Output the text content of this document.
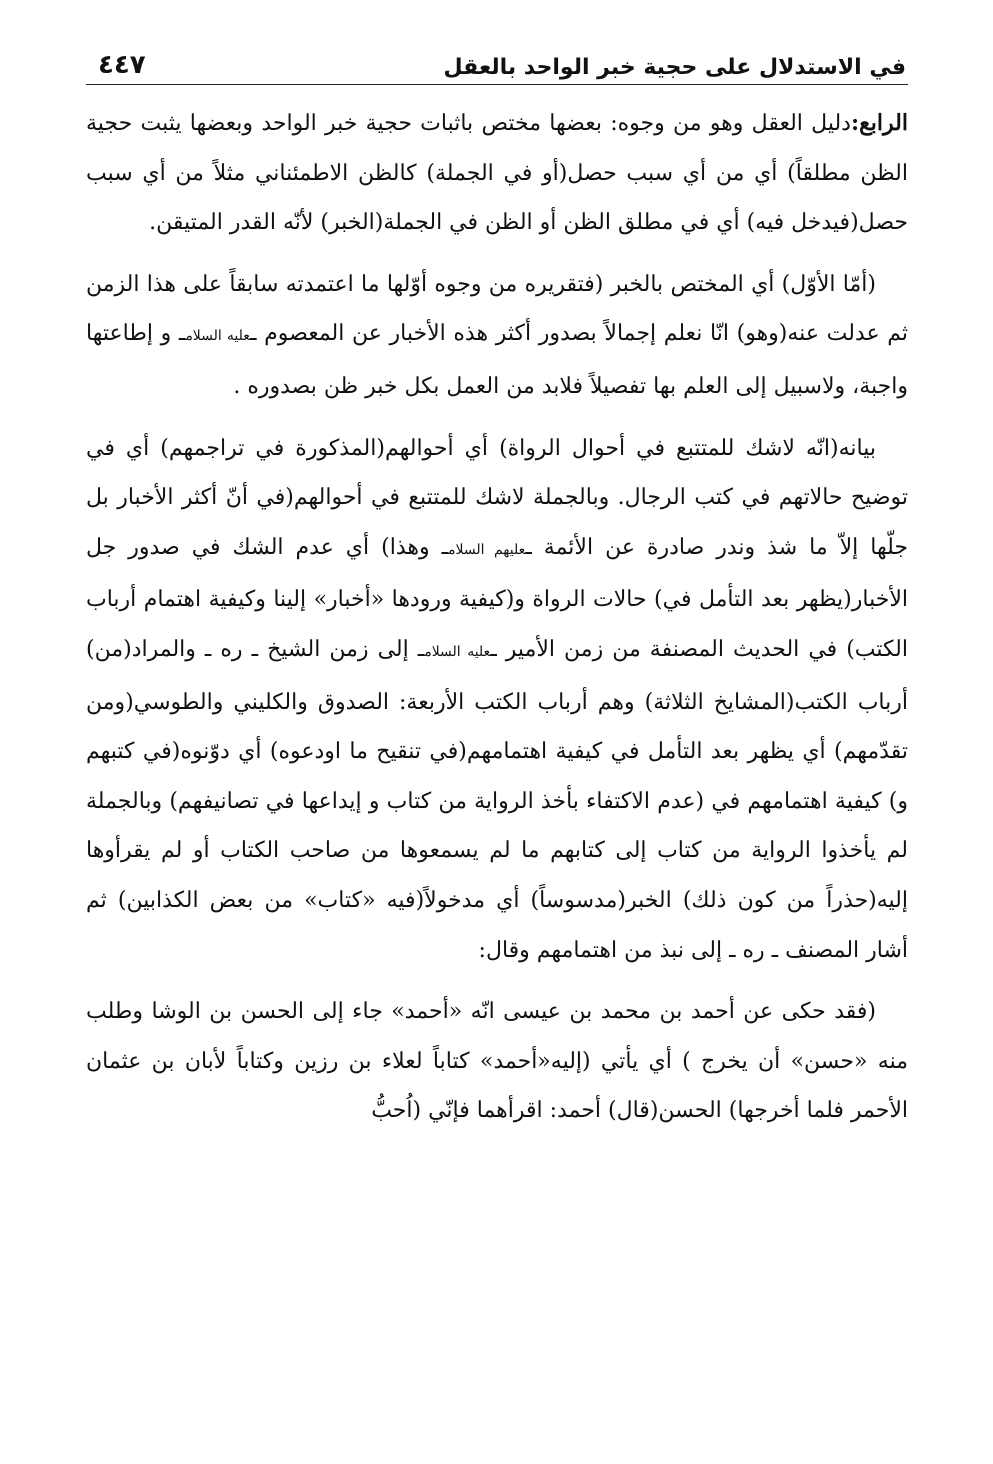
في الاستدلال على حجية خبر الواحد بالعقل
٤٤٧

الرابع:دليل العقل وهو من وجوه: بعضها مختص باثبات حجية خبر الواحد وبعضها يثبت حجية الظن مطلقاً) أي من أي سبب حصل(أو في الجملة) كالظن الاطمئناني مثلاً من أي سبب حصل(فيدخل فيه) أي في مطلق الظن أو الظن في الجملة(الخبر) لأنّه القدر المتيقن.

(أمّا الأوّل) أي المختص بالخبر (فتقريره من وجوه أوّلها ما اعتمدته سابقاً على هذا الزمن ثم عدلت عنه(وهو) انّا نعلم إجمالاً بصدور أكثر هذه الأخبار عن المعصوم ـعليه السلامـ و إطاعتها واجبة، ولاسبيل إلى العلم بها تفصيلاً فلابد من العمل بكل خبر ظن بصدوره .

بيانه(انّه لاشك للمتتبع في أحوال الرواة) أي أحوالهم(المذكورة في تراجمهم) أي في توضيح حالاتهم في كتب الرجال. وبالجملة لاشك للمتتبع في أحوالهم(في أنّ أكثر الأخبار بل جلّها إلاّ ما شذ وندر صادرة عن الأئمة ـعليهم السلامـ وهذا) أي عدم الشك في صدور جل الأخبار(يظهر بعد التأمل في) حالات الرواة و(كيفية ورودها «أخبار» إلينا وكيفية اهتمام أرباب الكتب) في الحديث المصنفة من زمن الأمير ـعليه السلامـ إلى زمن الشيخ ـ ره ـ والمراد(من) أرباب الكتب(المشايخ الثلاثة) وهم أرباب الكتب الأربعة: الصدوق والكليني والطوسي(ومن تقدّمهم) أي يظهر بعد التأمل في كيفية اهتمامهم(في تنقيح ما اودعوه) أي دوّنوه(في كتبهم و) كيفية اهتمامهم في (عدم الاكتفاء بأخذ الرواية من كتاب و إيداعها في تصانيفهم) وبالجملة لم يأخذوا الرواية من كتاب إلى كتابهم ما لم يسمعوها من صاحب الكتاب أو لم يقرأوها إليه(حذراً من كون ذلك) الخبر(مدسوساً) أي مدخولاً(فيه «كتاب» من بعض الكذابين) ثم أشار المصنف ـ ره ـ إلى نبذ من اهتمامهم وقال:

(فقد حكى عن أحمد بن محمد بن عيسى انّه «أحمد» جاء إلى الحسن بن الوشا وطلب منه «حسن» أن يخرج ) أي يأتي (إليه«أحمد» كتاباً لعلاء بن رزين وكتاباً لأبان بن عثمان الأحمر فلما أخرجها) الحسن(قال) أحمد: اقرأهما فإنّي (اُحبُّ
